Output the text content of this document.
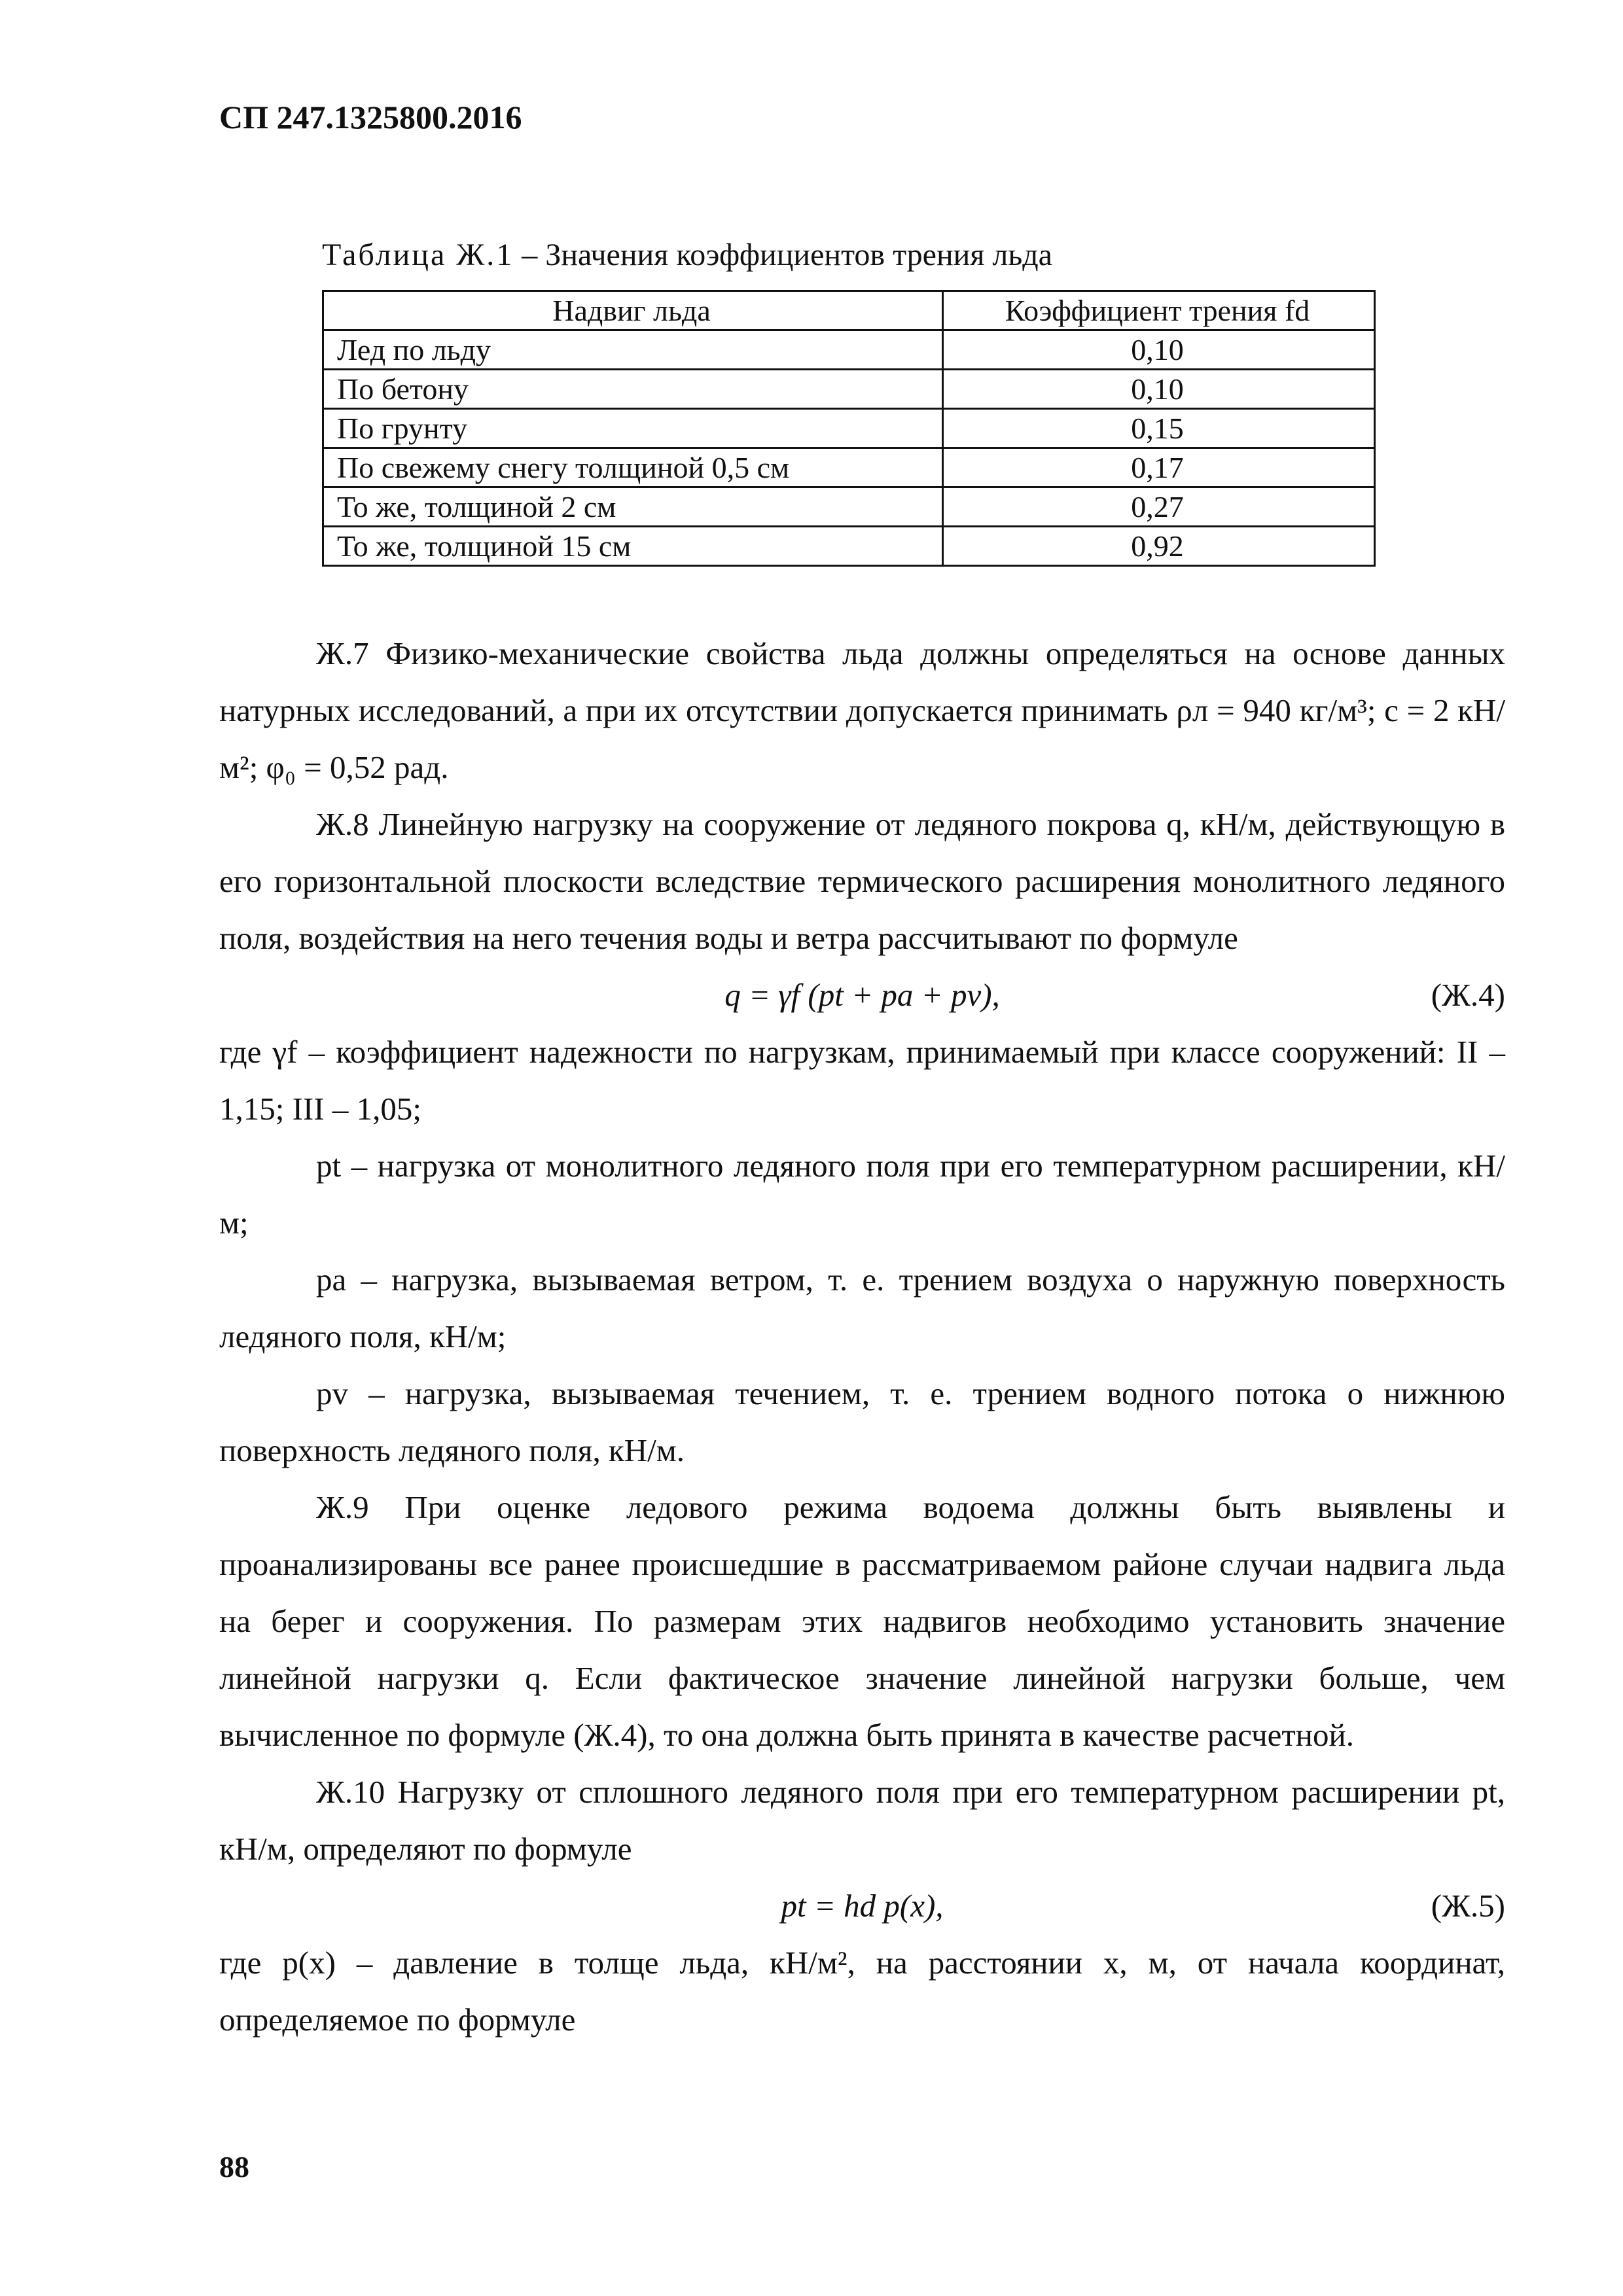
СП 247.1325800.2016
Таблица Ж.1 – Значения коэффициентов трения льда
Надвиг льда	Коэффициент трения fd
Лед по льду	0,10
По бетону	0,10
По грунту	0,15
По свежему снегу толщиной 0,5 см	0,17
То же, толщиной 2 см	0,27
То же, толщиной 15 см	0,92

Ж.7 Физико-механические свойства льда должны определяться на основе данных натурных исследований, а при их отсутствии допускается принимать ρл = 940 кг/м³; c = 2 кН/м²; φ₀ = 0,52 рад.

Ж.8 Линейную нагрузку на сооружение от ледяного покрова q, кН/м, действующую в его горизонтальной плоскости вследствие термического расширения монолитного ледяного поля, воздействия на него течения воды и ветра рассчитывают по формуле

q = γf (pt + pa + pv),	(Ж.4)

где γf – коэффициент надежности по нагрузкам, принимаемый при классе сооружений: II – 1,15; III – 1,05;

pt – нагрузка от монолитного ледяного поля при его температурном расширении, кН/м;

pa – нагрузка, вызываемая ветром, т. е. трением воздуха о наружную поверхность ледяного поля, кН/м;

pv – нагрузка, вызываемая течением, т. е. трением водного потока о нижнюю поверхность ледяного поля, кН/м.

Ж.9 При оценке ледового режима водоема должны быть выявлены и проанализированы все ранее происшедшие в рассматриваемом районе случаи надвига льда на берег и сооружения. По размерам этих надвигов необходимо установить значение линейной нагрузки q. Если фактическое значение линейной нагрузки больше, чем вычисленное по формуле (Ж.4), то она должна быть принята в качестве расчетной.

Ж.10 Нагрузку от сплошного ледяного поля при его температурном расширении pt, кН/м, определяют по формуле

pt = hd p(x),	(Ж.5)

где p(x) – давление в толще льда, кН/м², на расстоянии x, м, от начала координат, определяемое по формуле

88
